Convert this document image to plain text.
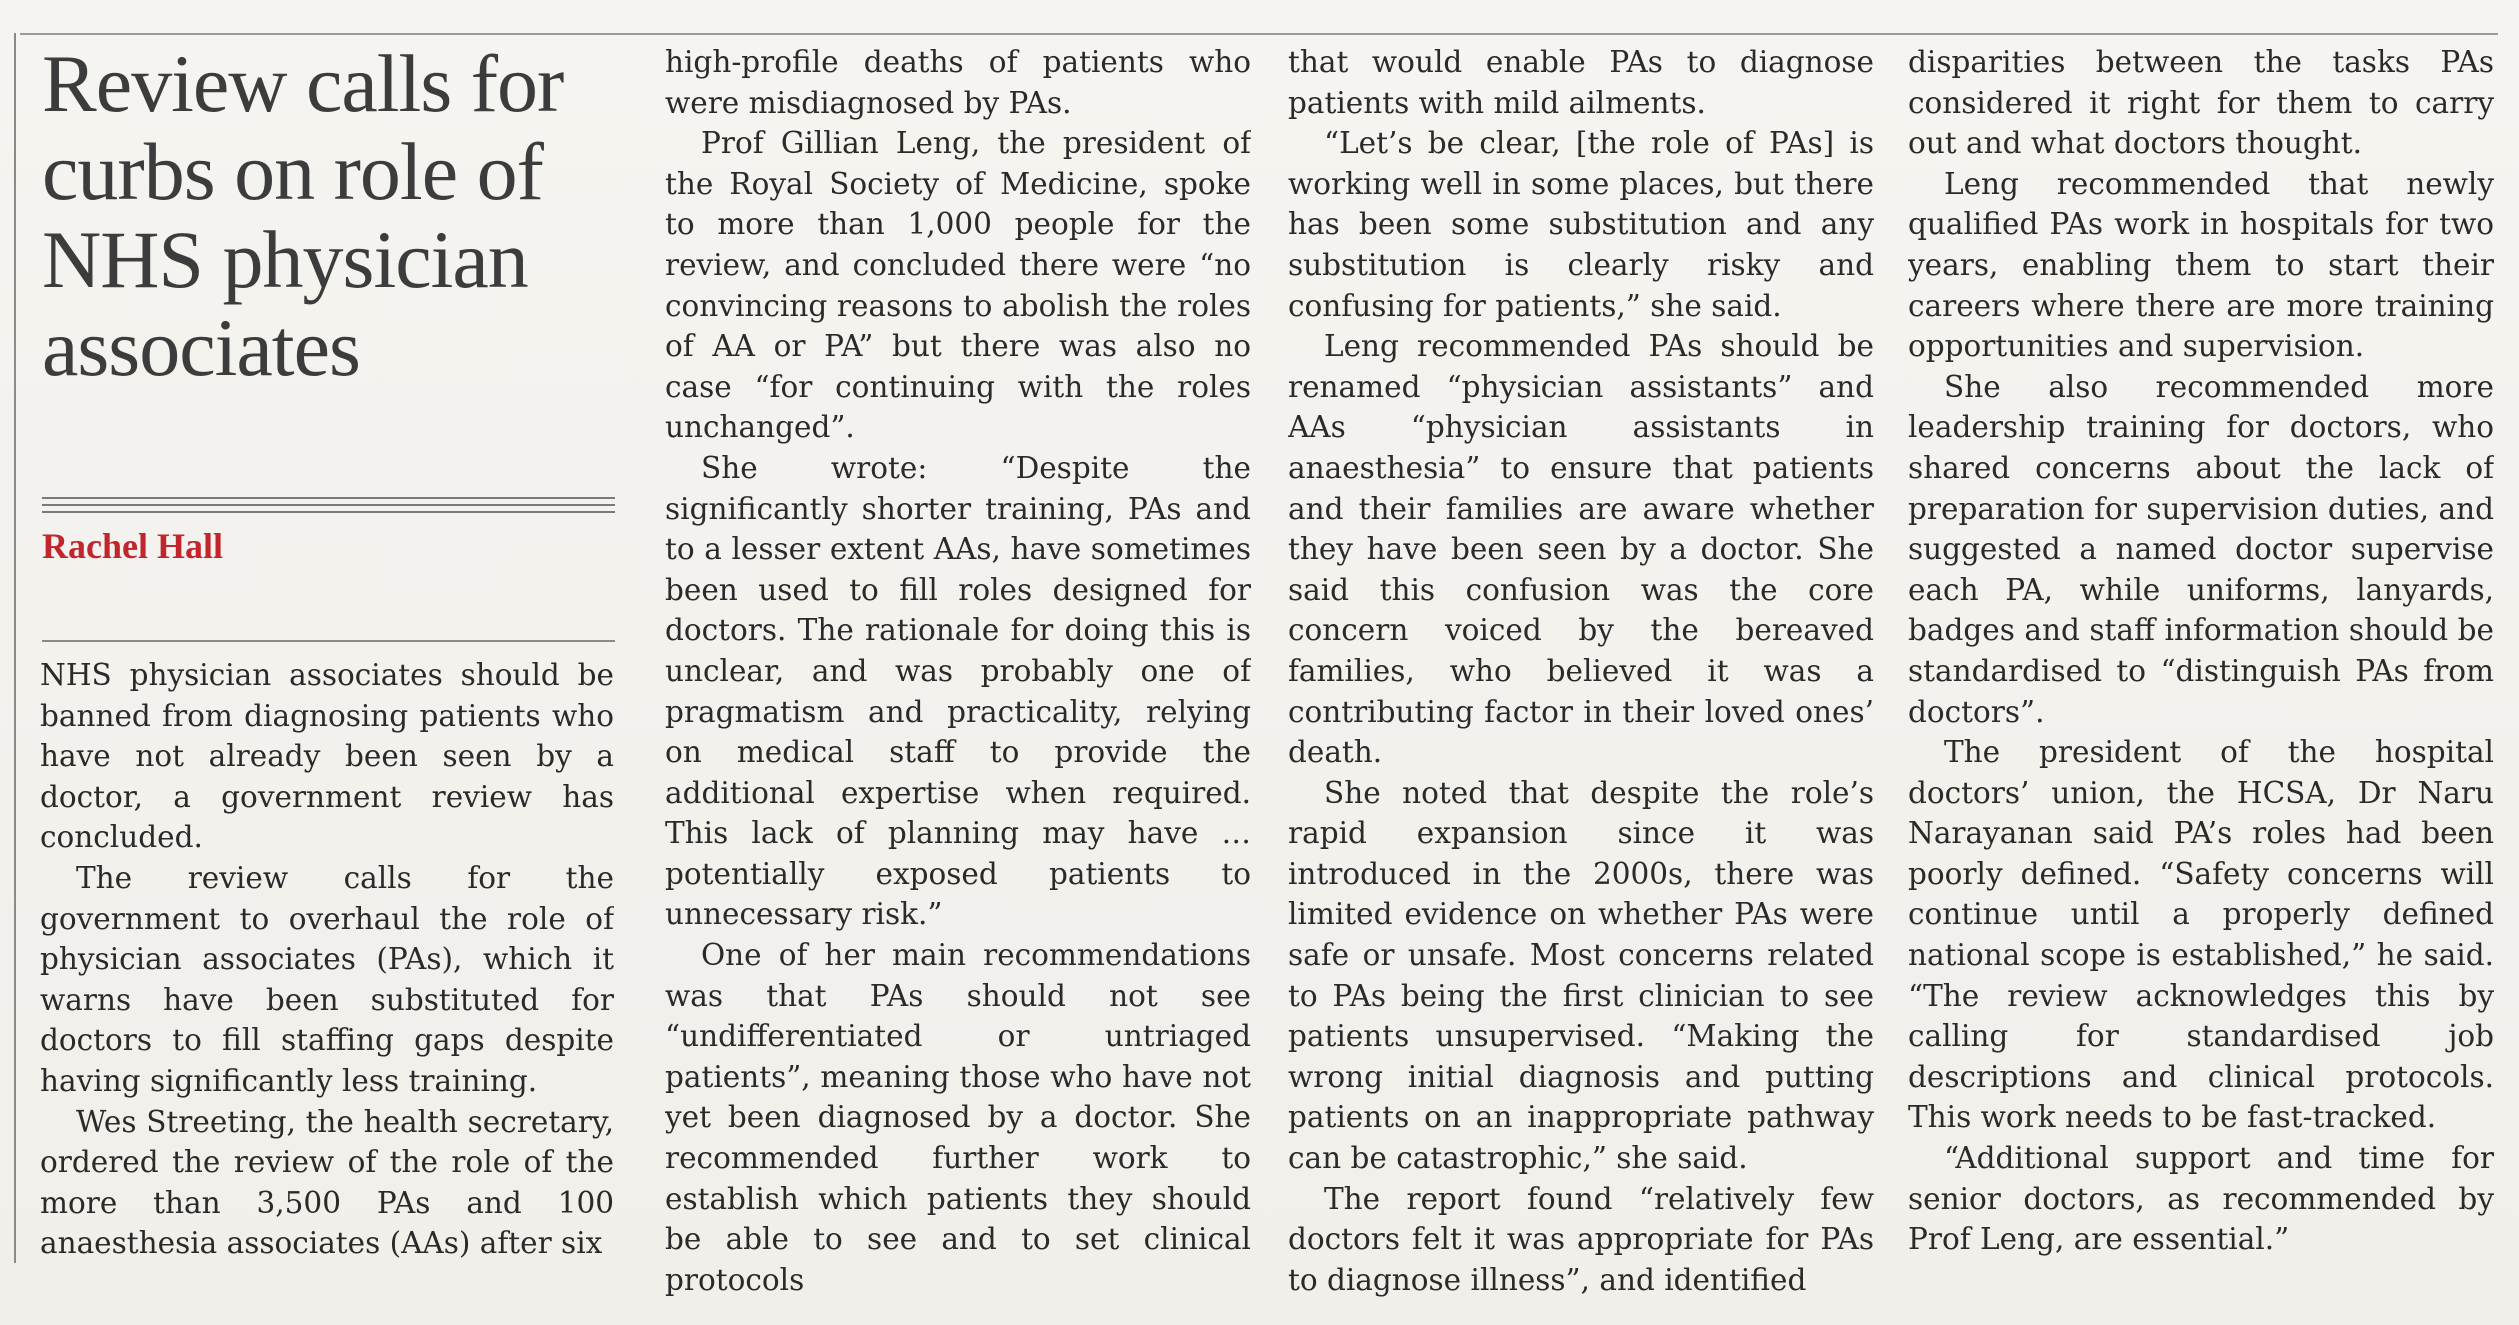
Review calls for curbs on role of NHS physician associates
Rachel Hall

NHS physician associates should be banned from diagnosing patients who have not already been seen by a doctor, a government review has concluded.

The review calls for the government to overhaul the role of physician associates (PAs), which it warns have been substituted for doctors to fill staffing gaps despite having significantly less training.

Wes Streeting, the health secretary, ordered the review of the role of the more than 3,500 PAs and 100 anaesthesia associates (AAs) after six

high-profile deaths of patients who were misdiagnosed by PAs.

Prof Gillian Leng, the president of the Royal Society of Medicine, spoke to more than 1,000 people for the review, and concluded there were “no convincing reasons to abolish the roles of AA or PA” but there was also no case “for continuing with the roles unchanged”.

She wrote: “Despite the significantly shorter training, PAs and to a lesser extent AAs, have sometimes been used to fill roles designed for doctors. The rationale for doing this is unclear, and was probably one of pragmatism and practicality, relying on medical staff to provide the additional expertise when required. This lack of planning may have … potentially exposed patients to unnecessary risk.”

One of her main recommendations was that PAs should not see “undifferentiated or untriaged patients”, meaning those who have not yet been diagnosed by a doctor. She recommended further work to establish which patients they should be able to see and to set clinical protocols

that would enable PAs to diagnose patients with mild ailments.

“Let’s be clear, [the role of PAs] is working well in some places, but there has been some substitution and any substitution is clearly risky and confusing for patients,” she said.

Leng recommended PAs should be renamed “physician assistants” and AAs “physician assistants in anaesthesia” to ensure that patients and their families are aware whether they have been seen by a doctor. She said this confusion was the core concern voiced by the bereaved families, who believed it was a contributing factor in their loved ones’ death.

She noted that despite the role’s rapid expansion since it was introduced in the 2000s, there was limited evidence on whether PAs were safe or unsafe. Most concerns related to PAs being the first clinician to see patients unsupervised. “Making the wrong initial diagnosis and putting patients on an inappropriate pathway can be catastrophic,” she said.

The report found “relatively few doctors felt it was appropriate for PAs to diagnose illness”, and identified

disparities between the tasks PAs considered it right for them to carry out and what doctors thought.

Leng recommended that newly qualified PAs work in hospitals for two years, enabling them to start their careers where there are more training opportunities and supervision.

She also recommended more leadership training for doctors, who shared concerns about the lack of preparation for supervision duties, and suggested a named doctor supervise each PA, while uniforms, lanyards, badges and staff information should be standardised to “distinguish PAs from doctors”.

The president of the hospital doctors’ union, the HCSA, Dr Naru Narayanan said PA’s roles had been poorly defined. “Safety concerns will continue until a properly defined national scope is established,” he said. “The review acknowledges this by calling for standardised job descriptions and clinical protocols. This work needs to be fast-tracked.

“Additional support and time for senior doctors, as recommended by Prof Leng, are essential.”
